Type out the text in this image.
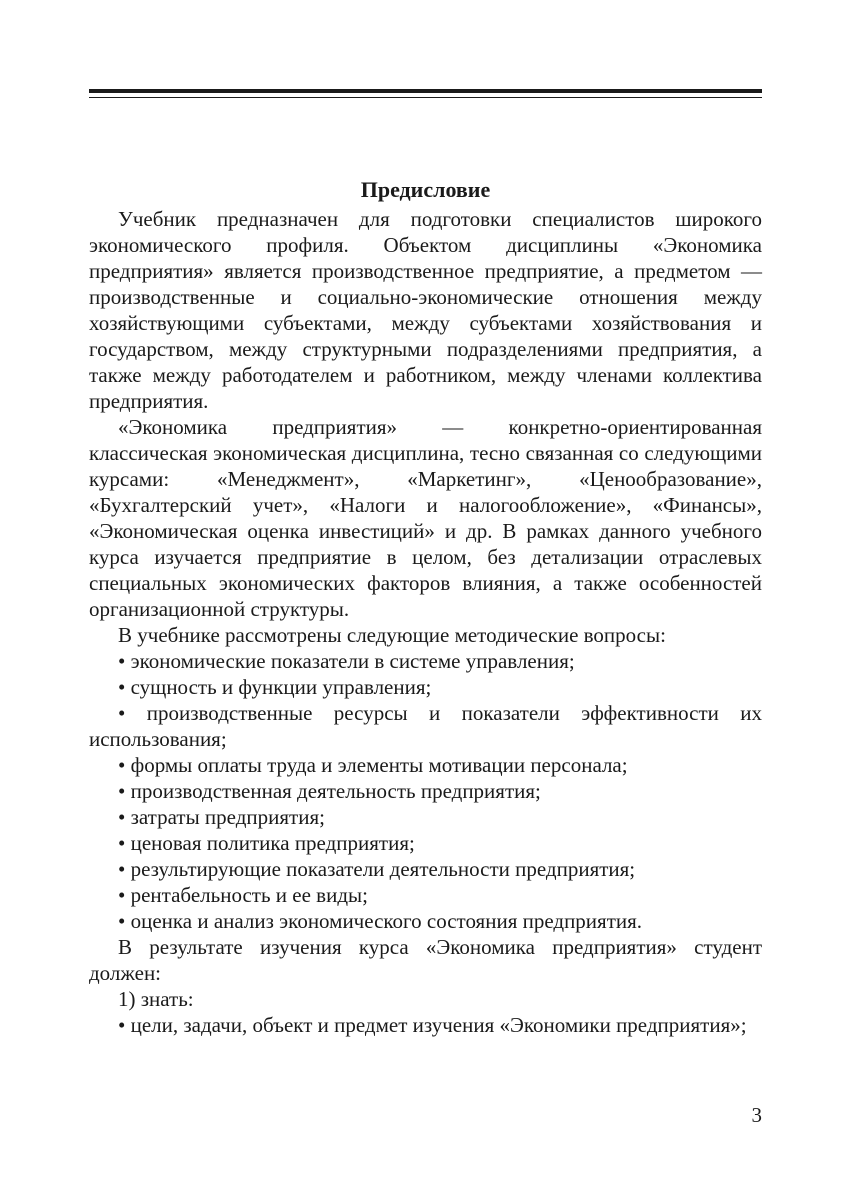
Предисловие

Учебник предназначен для подготовки специалистов широкого экономического профиля. Объектом дисциплины «Экономика предприятия» является производственное предприятие, а предметом — производственные и социально-экономические отношения между хозяйствующими субъектами, между субъектами хозяйствования и государством, между структурными подразделениями предприятия, а также между работодателем и работником, между членами коллектива предприятия.

«Экономика предприятия» — конкретно-ориентированная классическая экономическая дисциплина, тесно связанная со следующими курсами: «Менеджмент», «Маркетинг», «Ценообразование», «Бухгалтерский учет», «Налоги и налогообложение», «Финансы», «Экономическая оценка инвестиций» и др. В рамках данного учебного курса изучается предприятие в целом, без детализации отраслевых специальных экономических факторов влияния, а также особенностей организационной структуры.

В учебнике рассмотрены следующие методические вопросы:

• экономические показатели в системе управления;

• сущность и функции управления;

• производственные ресурсы и показатели эффективности их использования;

• формы оплаты труда и элементы мотивации персонала;

• производственная деятельность предприятия;

• затраты предприятия;

• ценовая политика предприятия;

• результирующие показатели деятельности предприятия;

• рентабельность и ее виды;

• оценка и анализ экономического состояния предприятия.

В результате изучения курса «Экономика предприятия» студент должен:

1) знать:

• цели, задачи, объект и предмет изучения «Экономики предприятия»;

3
